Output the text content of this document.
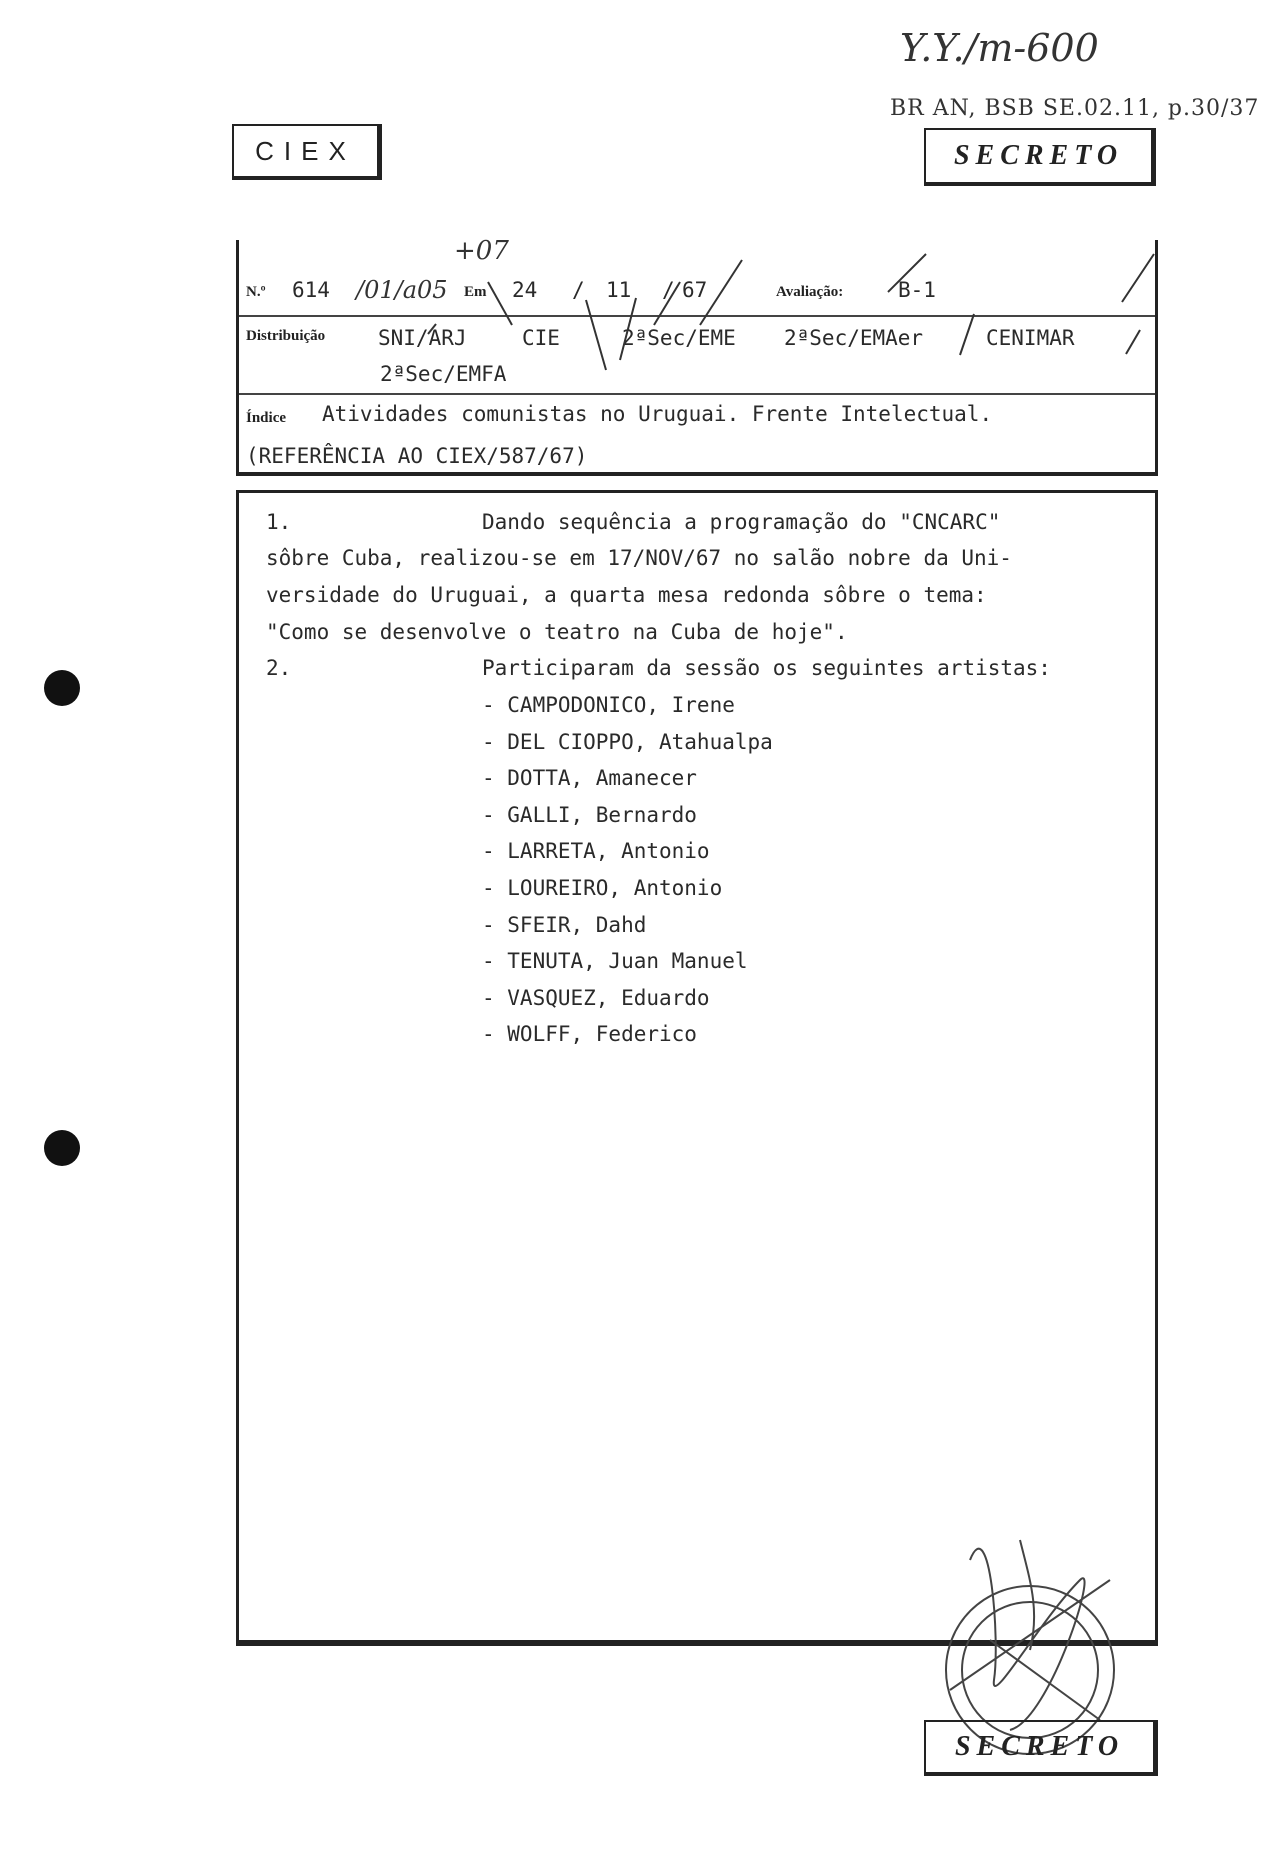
Y.Y./m-600
BR AN, BSB SE.02.11, p.30/37
CIEX	SECRETO
+07
N.º 614 /01/a05 Em 24 / 11 / 67	Avaliação:	B-1
Distribuição	SNI/ARJ	CIE	2ªSec/EME 2ªSec/EMAer	CENIMAR
2ªSec/EMFA
Índice Atividades comunistas no Uruguai. Frente Intelectual.
(REFERÊNCIA AO CIEX/587/67)
1.	Dando sequência a programação do "CNCARC"
sôbre Cuba, realizou-se em 17/NOV/67 no salão nobre da Uni-
versidade do Uruguai, a quarta mesa redonda sôbre o tema:
"Como se desenvolve o teatro na Cuba de hoje".
2.	Participaram da sessão os seguintes artistas:
- CAMPODONICO, Irene
- DEL CIOPPO, Atahualpa
- DOTTA, Amanecer
- GALLI, Bernardo
- LARRETA, Antonio
- LOUREIRO, Antonio
- SFEIR, Dahd
- TENUTA, Juan Manuel
- VASQUEZ, Eduardo
- WOLFF, Federico
SECRETO
